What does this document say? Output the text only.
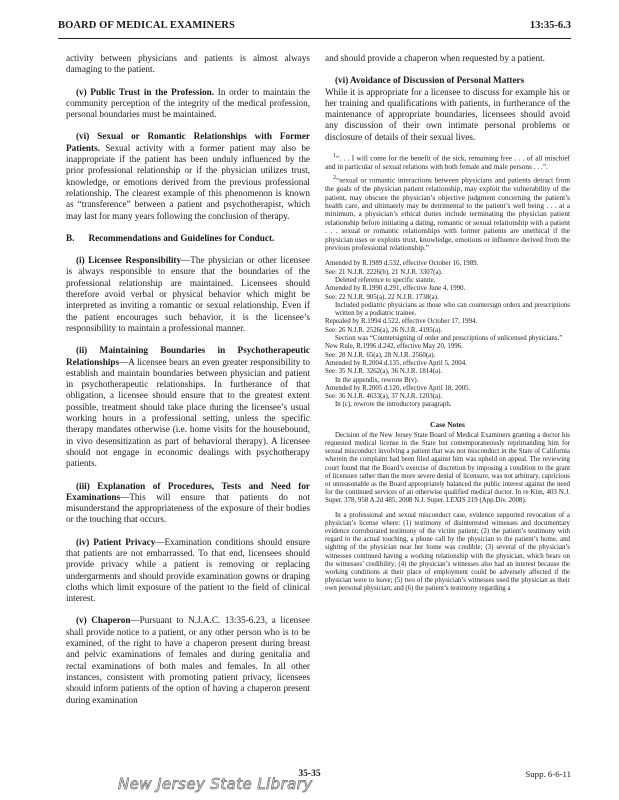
BOARD OF MEDICAL EXAMINERS	13:35-6.3

activity between physicians and patients is almost always damaging to the patient.

(v) Public Trust in the Profession. In order to maintain the community perception of the integrity of the medical profession, personal boundaries must be maintained.

(vi) Sexual or Romantic Relationships with Former Patients. Sexual activity with a former patient may also be inappropriate if the patient has been unduly influenced by the prior professional relationship or if the physician utilizes trust, knowledge, or emotions derived from the previous professional relationship. The clearest example of this phenomenon is known as “transference” between a patient and psychotherapist, which may last for many years following the conclusion of therapy.

B. Recommendations and Guidelines for Conduct.

(i) Licensee Responsibility—The physician or other licensee is always responsible to ensure that the boundaries of the professional relationship are maintained. Licensees should therefore avoid verbal or physical behavior which might be interpreted as inviting a romantic or sexual relationship. Even if the patient encourages such behavior, it is the licensee’s responsibility to maintain a professional manner.

(ii) Maintaining Boundaries in Psychotherapeutic Relationships—A licensee bears an even greater responsibility to establish and maintain boundaries between physician and patient in psychotherapeutic relationships. In furtherance of that obligation, a licensee should ensure that to the greatest extent possible, treatment should take place during the licensee’s usual working hours in a professional setting, unless the specific therapy mandates otherwise (i.e. home visits for the housebound, in vivo desensitization as part of behavioral therapy). A licensee should not engage in economic dealings with psychotherapy patients.

(iii) Explanation of Procedures, Tests and Need for Examinations—This will ensure that patients do not misunderstand the appropriateness of the exposure of their bodies or the touching that occurs.

(iv) Patient Privacy—Examination conditions should ensure that patients are not embarrassed. To that end, licensees should provide privacy while a patient is removing or replacing undergarments and should provide examination gowns or draping cloths which limit exposure of the patient to the field of clinical interest.

(v) Chaperon—Pursuant to N.J.A.C. 13:35-6.23, a licensee shall provide notice to a patient, or any other person who is to be examined, of the right to have a chaperon present during breast and pelvic examinations of females and during genitalia and rectal examinations of both males and females. In all other instances, consistent with promoting patient privacy, licensees should inform patients of the option of having a chaperon present during examination

and should provide a chaperon when requested by a patient.

(vi) Avoidance of Discussion of Personal Matters
While it is appropriate for a licensee to discuss for example his or her training and qualifications with patients, in furtherance of the maintenance of appropriate boundaries, licensees should avoid any discussion of their own intimate personal problems or disclosure of details of their sexual lives.

$^1$“. . . I will come for the benefit of the sick, remaining free . . . of all mischief and in particular of sexual relations with both female and male persons . . .”.

$^2$“sexual or romantic interactions between physicians and patients detract from the goals of the physician patient relationship, may exploit the vulnerability of the patient, may obscure the physician’s objective judgment concerning the patient’s health care, and ultimately may be detrimental to the patient’s well being . . . at a minimum, a physician’s ethical duties include terminating the physician patient relationship before initiating a dating, romantic or sexual relationship with a patient . . . sexual or romantic relationships with former patients are unethical if the physician uses or exploits trust, knowledge, emotions or influence derived from the previous professional relationship.”

Amended by R.1989 d.532, effective October 16, 1989.

See: 21 N.J.R. 2226(b), 21 N.J.R. 3307(a).

Deleted reference to specific statute.

Amended by R.1990 d.291, effective June 4, 1990.

See: 22 N.J.R. 905(a), 22 N.J.R. 1738(a).

Included podiatric physicians as those who can countersign orders and prescriptions written by a podiatric trainee.

Repealed by R.1994 d.522, effective October 17, 1994.

See: 26 N.J.R. 2526(a), 26 N.J.R. 4195(a).

Section was “Countersigning of order and prescriptions of unlicensed physicians.”

New Rule, R.1996 d.242, effective May 20, 1996.

See: 28 N.J.R. 65(a), 28 N.J.R. 2560(a).

Amended by R.2004 d.135, effective April 5, 2004.

See: 35 N.J.R. 3262(a), 36 N.J.R. 1814(a).

In the appendix, rewrote B(v).

Amended by R.2005 d.120, effective April 18, 2005.

See: 36 N.J.R. 4633(a), 37 N.J.R. 1203(a).

In (c), rewrote the introductory paragraph.

Case Notes

Decision of the New Jersey State Board of Medical Examiners granting a doctor his requested medical license in the State but contemporaneously reprimanding him for sexual misconduct involving a patient that was not misconduct in the State of California wherein the complaint had been filed against him was upheld on appeal. The reviewing court found that the Board’s exercise of discretion by imposing a condition to the grant of licensure rather than the more severe denial of licensure, was not arbitrary, capricious or unreasonable as the Board appropriately balanced the public interest against the need for the continued services of an otherwise qualified medical doctor. In re Kim, 403 N.J. Super. 378, 958 A.2d 485, 2008 N.J. Super. LEXIS 219 (App.Div. 2008).

In a professional and sexual misconduct case, evidence supported revocation of a physician’s license where: (1) testimony of disinterested witnesses and documentary evidence corroborated testimony of the victim patient; (2) the patient’s testimony with regard to the actual touching, a phone call by the physician to the patient’s home, and sighting of the physician near her home was credible; (3) several of the physician’s witnesses continued having a working relationship with the physician, which bears on the witnesses’ credibility; (4) the physician’s witnesses also had an interest because the working conditions at their place of employment could be adversely affected if the physician were to leave; (5) two of the physician’s witnesses used the physician as their own personal physician; and (6) the patient’s testimony regarding a

35-35	Supp. 6-6-11
New Jersey State Library
